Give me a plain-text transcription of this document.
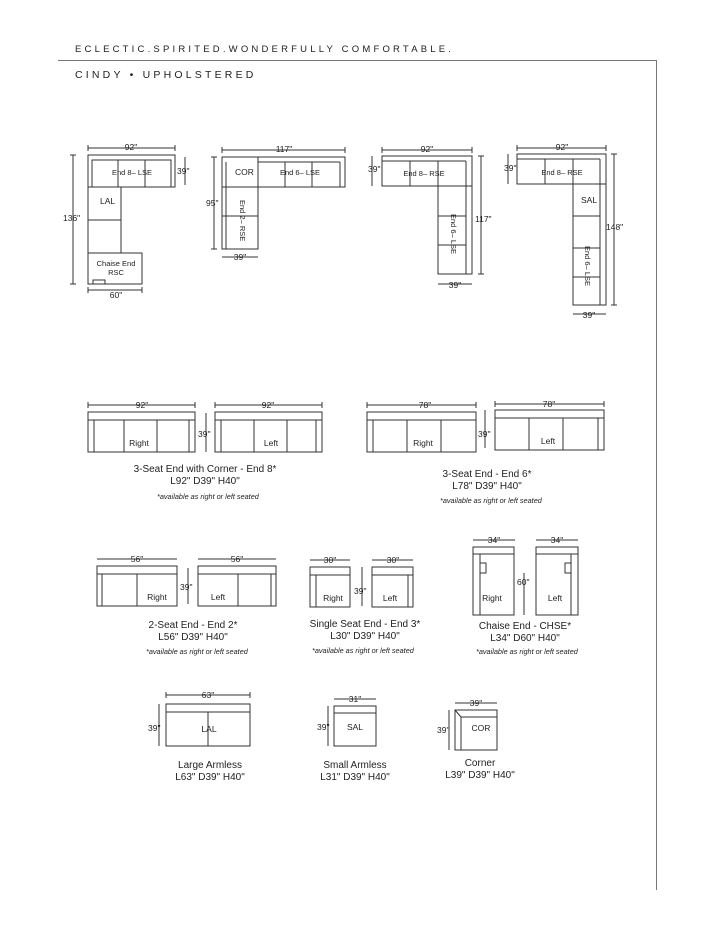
ECLECTIC.SPIRITED.WONDERFULLY COMFORTABLE.
CINDY • UPHOLSTERED
92"
End 8– LSE	39"
LAL
Chaise End
RSC
136"
60"
117"
COR	End 6– LSE
End 2– RSE
95"
39"
92"
End 8– RSE
39"
End 6– LSE 117"
39"
92"
End 8– RSE
39"
SAL
End 6– LSE
148"
39"
92"
Right
39"
92"
Left
78"
Right
39"
78"
Left
56"
Right
39"
56"
Left
30"
Right
39"
30"
Left
34"
Right
60"
34"
Left
63"
LAL
39"
31"
SAL
39"
39"
COR
39"
3-Seat End with Corner - End 8*
L92" D39" H40"
*available as right or left seated
3-Seat End - End 6*
L78" D39" H40"
*available as right or left seated
2-Seat End - End 2*
L56" D39" H40"
*available as right or left seated
Single Seat End - End 3*
L30" D39" H40"
*available as right or left seated
Chaise End - CHSE*
L34" D60" H40"
*available as right or left seated
Large Armless
L63" D39" H40"
Small Armless
L31" D39" H40"
Corner
L39" D39" H40"
